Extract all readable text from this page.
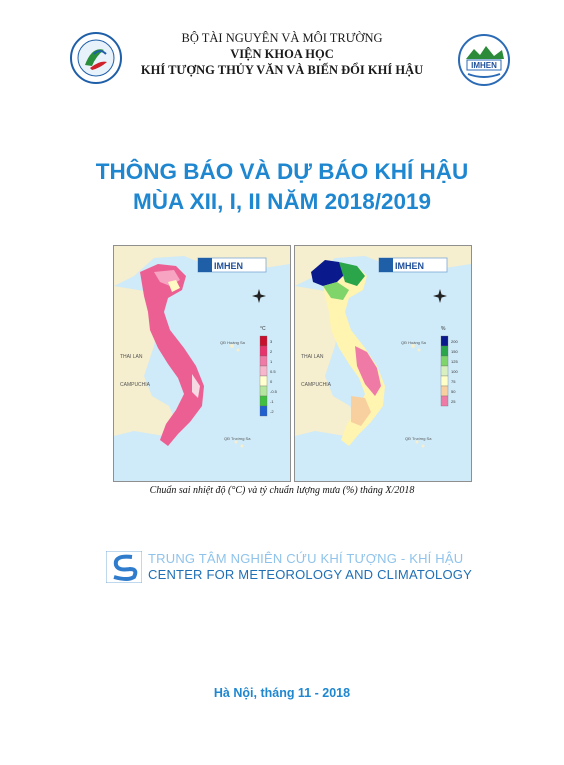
BỘ TÀI NGUYÊN VÀ MÔI TRƯỜNG
VIỆN KHOA HỌC
KHÍ TƯỢNG THỦY VĂN VÀ BIẾN ĐỔI KHÍ HẬU	IMHEN
THÔNG BÁO VÀ DỰ BÁO KHÍ HẬU
MÙA XII, I, II NĂM 2018/2019
IMHEN
THAI LAN
CAMPUCHIA
QĐ Hoàng Sa
QĐ Trường Sa
°C
3
2
1
0.5
0
-0.5
-1
-2
IMHEN
THAI LAN
CAMPUCHIA
QĐ Hoàng Sa
QĐ Trường Sa
%
200
150
125
100
75
50
25
Chuẩn sai nhiệt độ (°C) và tỷ chuẩn lượng mưa (%) tháng X/2018
TRUNG TÂM NGHIÊN CỨU KHÍ TƯỢNG - KHÍ HẬU
CENTER FOR METEOROLOGY AND CLIMATOLOGY
Hà Nội, tháng 11 - 2018
